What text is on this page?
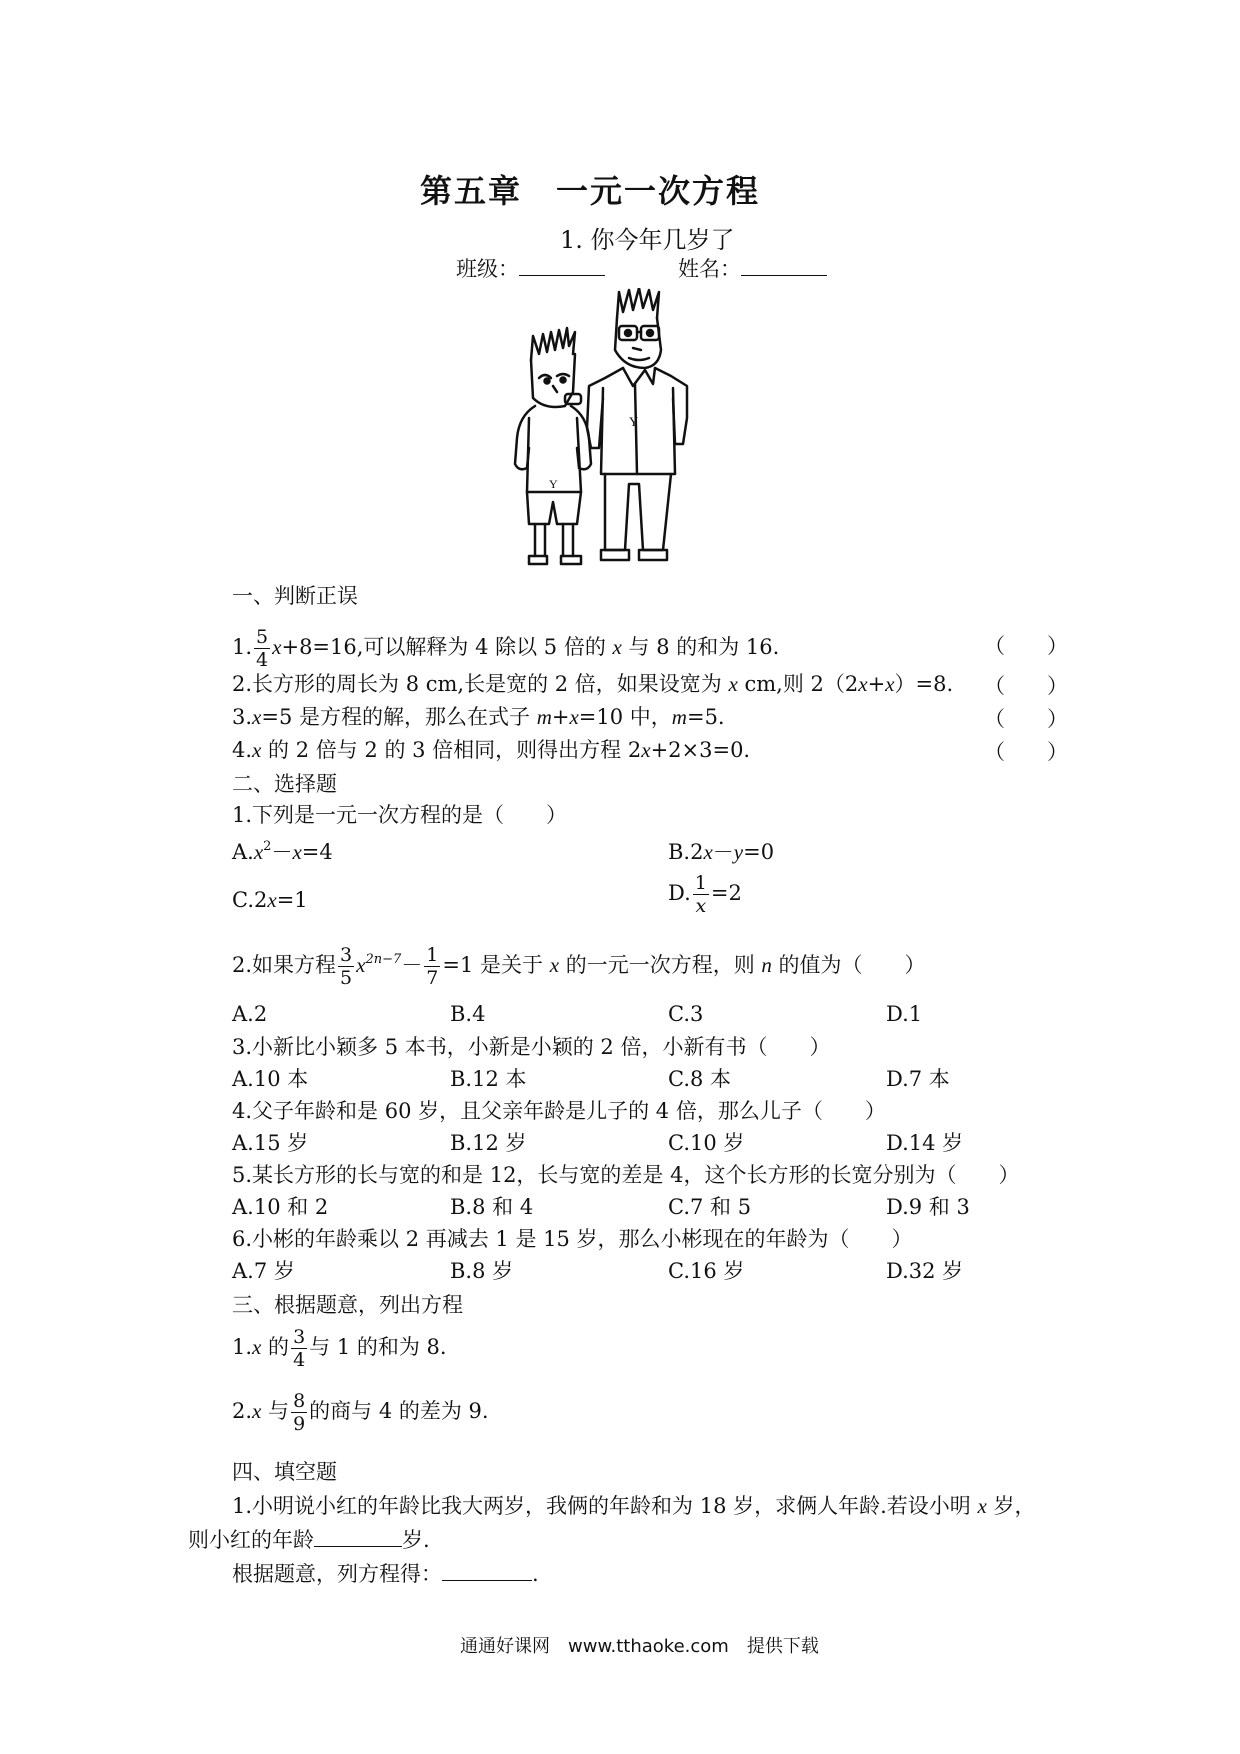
第五章　一元一次方程
1. 你今年几岁了
班级：	姓名：
Y
Y
一、判断正误
1. $\frac{5}{4} x+8=16$,可以解释为 4 除以 5 倍的 x 与 8 的和为 16.	（　　）
2.长方形的周长为 8 cm,长是宽的 2 倍，如果设宽为 x cm,则 2（2x+x）=8. （　　）
3.x=5 是方程的解，那么在式子 m+x=10 中，m=5.	（　　）
4.x 的 2 倍与 2 的 3 倍相同，则得出方程 2x+2×3=0.	（　　）
二、选择题
1.下列是一元一次方程的是（　　）
$A.x^2-x=4$	B.2x－y=0
C.2x=1	D. $\frac{1}{x} =2$
2.如果方程 $\frac{3}{5} x^{2n-7}- \frac{1}{7} =1$ 是关于 x 的一元一次方程，则 n 的值为（　　）
A.2	B.4	C.3	D.1
3.小新比小颖多 5 本书，小新是小颖的 2 倍，小新有书（　　）
A.10 本	B.12 本	C.8 本	D.7 本
4.父子年龄和是 60 岁，且父亲年龄是儿子的 4 倍，那么儿子（　　）
A.15 岁	B.12 岁	C.10 岁	D.14 岁
5.某长方形的长与宽的和是 12，长与宽的差是 4，这个长方形的长宽分别为（　　）
A.10 和 2	B.8 和 4	C.7 和 5	D.9 和 3
6.小彬的年龄乘以 2 再减去 1 是 15 岁，那么小彬现在的年龄为（　　）
A.7 岁	B.8 岁	C.16 岁	D.32 岁
三、根据题意，列出方程
1.x 的 $\frac{3}{4}$ 与 1 的和为 8.
2.x 与 $\frac{8}{9}$ 的商与 4 的差为 9.
四、填空题
1.小明说小红的年龄比我大两岁，我俩的年龄和为 18 岁，求俩人年龄.若设小明 x 岁，
则小红的年龄	岁.
根据题意，列方程得：	.
通通好课网　www.tthaoke.com　提供下载
